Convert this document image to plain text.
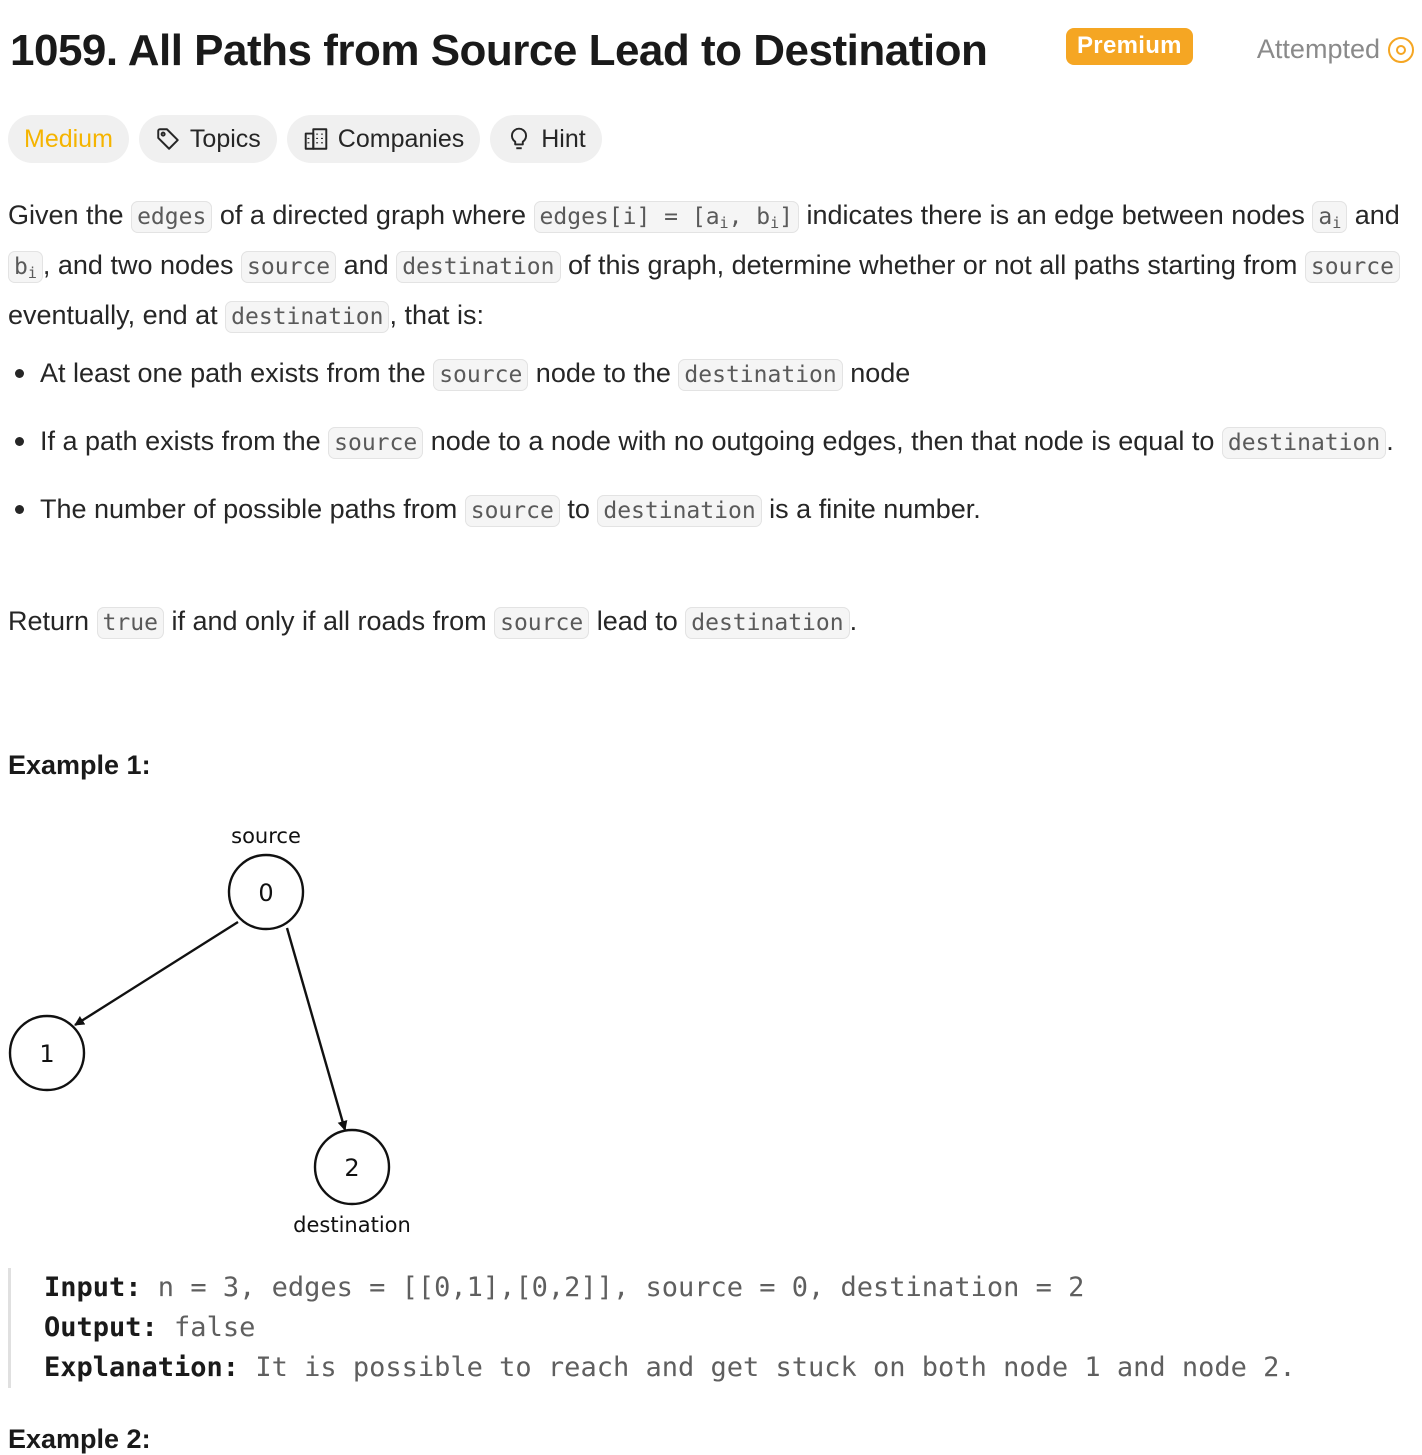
1059. All Paths from Source Lead to Destination	Premium	Attempted
Medium	Topics	Companies	Hint

Given the edges of a directed graph where edges[i] = [$a_i$, $b_i$] indicates there is an edge between nodes $a_i$ and $b_i$ , and two nodes source and destination of this graph, determine whether or not all paths starting from source eventually, end at destination , that is:

At least one path exists from the source node to the destination node
If a path exists from the source node to a node with no outgoing edges, then that node is equal to destination .
The number of possible paths from source to destination is a finite number.
Return true if and only if all roads from source lead to destination .
Example 1:
0
1
2
source
destination
Input: n = 3, edges = [[0,1],[0,2]], source = 0, destination = 2
Output: false
Explanation: It is possible to reach and get stuck on both node 1 and node 2.
Example 2:
